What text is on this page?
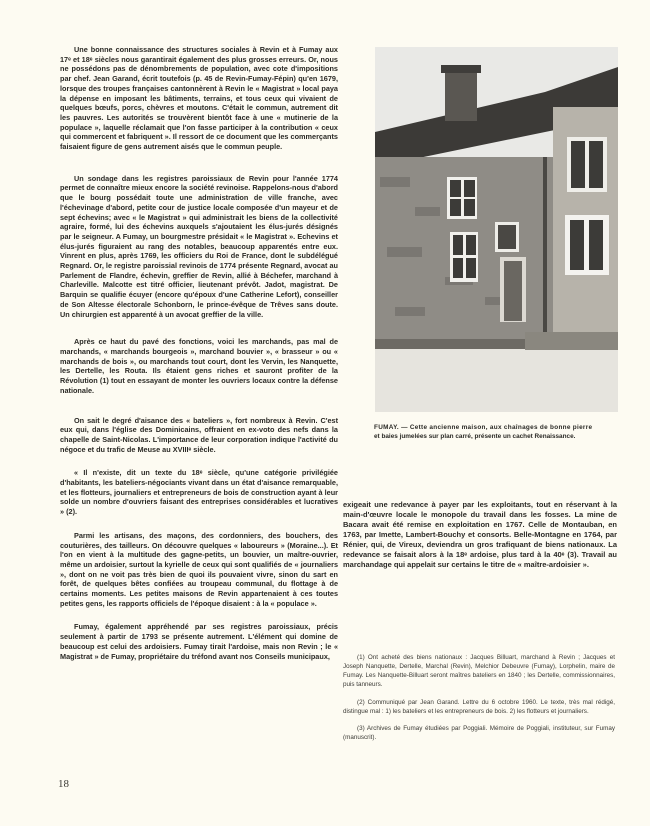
Une bonne connaissance des structures sociales à Revin et à Fumay aux 17ᵉ et 18ᵉ siècles nous garantirait également des plus grosses erreurs. Or, nous ne possédons pas de dénombrements de population, avec cote d'impositions par chef. Jean Garand, écrit toutefois (p. 45 de Revin-Fumay-Fépin) qu'en 1679, lorsque des troupes françaises cantonnèrent à Revin le « Magistrat » local paya la dépense en imposant les bâtiments, terrains, et tous ceux qui vivaient de quelques bœufs, porcs, chèvres et moutons. C'était le commun, autrement dit les pauvres. Les autorités se trouvèrent bientôt face à une « mutinerie de la populace », laquelle réclamait que l'on fasse participer à la contribution « ceux qui commercent et fabriquent ». Il ressort de ce document que les commerçants faisaient figure de gens autrement aisés que le commun peuple.

Un sondage dans les registres paroissiaux de Revin pour l'année 1774 permet de connaître mieux encore la société revinoise. Rappelons-nous d'abord que le bourg possédait toute une administration de ville franche, avec l'échevinage d'abord, petite cour de justice locale composée d'un mayeur et de sept échevins; avec « le Magistrat » qui administrait les biens de la collectivité agraire, formé, lui des échevins auxquels s'ajoutaient les élus-jurés désignés par le seigneur. A Fumay, un bourgmestre présidait « le Magistrat ». Echevins et élus-jurés figuraient au rang des notables, beaucoup apparentés entre eux. Vinrent en plus, après 1769, les officiers du Roi de France, dont le subdélégué Regnard. Or, le registre paroissial revinois de 1774 présente Regnard, avocat au Parlement de Flandre, échevin, greffier de Revin, allié à Béchefer, marchand à Charleville. Malcotte est titré officier, lieutenant prévôt. Jadot, magistrat. De Barquin se qualifie écuyer (encore qu'époux d'une Catherine Lefort), conseiller de Son Altesse électorale Schonborn, le prince-évêque de Trêves sans doute. Un chirurgien est apparenté à un avocat greffier de la ville.

Après ce haut du pavé des fonctions, voici les marchands, pas mal de marchands, « marchands bourgeois », marchand bouvier », « brasseur » ou « marchands de bois », ou marchands tout court, dont les Vervin, les Nanquette, les Dertelle, les Routa. Ils étaient gens riches et sauront profiter de la Révolution (1) tout en essayant de monter les ouvriers locaux contre la défense nationale.

On sait le degré d'aisance des « bateliers », fort nombreux à Revin. C'est eux qui, dans l'église des Dominicains, offraient en ex-voto des nefs dans la chapelle de Saint-Nicolas. L'importance de leur corporation indique l'activité du négoce et du trafic de Meuse au XVIIIᵉ siècle.

« Il n'existe, dit un texte du 18ᵉ siècle, qu'une catégorie privilégiée d'habitants, les bateliers-négociants vivant dans un état d'aisance remarquable, et les flotteurs, journaliers et entrepreneurs de bois de construction ayant à leur solde un nombre d'ouvriers faisant des entreprises considérables et lucratives » (2).

Parmi les artisans, des maçons, des cordonniers, des bouchers, des couturières, des tailleurs. On découvre quelques « laboureurs » (Moraine...). Et l'on en vient à la multitude des gagne-petits, un bouvier, un maître-ouvrier, même un ardoisier, surtout la kyrielle de ceux qui sont qualifiés de « journaliers », dont on ne voit pas très bien de quoi ils pouvaient vivre, sinon du sart en forêt, de quelques bêtes confiées au troupeau communal, du flottage à de certains moments. Les petites maisons de Revin appartenaient à ces toutes petites gens, les rapports officiels de l'époque disaient : à la « populace ».

Fumay, également appréhendé par ses registres paroissiaux, précis seulement à partir de 1793 se présente autrement. L'élément qui domine de beaucoup est celui des ardoisiers. Fumay tirait l'ardoise, mais non Revin ; le « Magistrat » de Fumay, propriétaire du tréfond avant nos Conseils municipaux,

FUMAY. — Cette ancienne maison, aux chaînages de bonne pierre
et baies jumelées sur plan carré, présente un cachet Renaissance.

exigeait une redevance à payer par les exploitants, tout en réservant à la main-d'œuvre locale le monopole du travail dans les fosses. La mine de Bacara avait été remise en exploitation en 1767. Celle de Montauban, en 1763, par Imette, Lambert-Bouchy et consorts. Belle-Montagne en 1764, par Rénier, qui, de Vireux, deviendra un gros trafiquant de biens nationaux. La redevance se faisait alors à la 18ᵉ ardoise, plus tard à la 40ᵉ (3). Travail au marchandage qui appelait sur certains le titre de « maître-ardoisier ».

(1) Ont acheté des biens nationaux : Jacques Billuart, marchand à Revin ; Jacques et Joseph Nanquette, Dertelle, Marchal (Revin), Melchior Debeuvre (Fumay), Lorphelin, maire de Fumay. Les Nanquette-Billuart seront maîtres bateliers en 1840 ; les Dertelle, commissionnaires, puis tanneurs.

(2) Communiqué par Jean Garand. Lettre du 6 octobre 1960. Le texte, très mal rédigé, distingue mal : 1) les bateliers et les entrepreneurs de bois. 2) les flotteurs et journaliers.

(3) Archives de Fumay étudiées par Poggiali. Mémoire de Poggiali, instituteur, sur Fumay (manuscrit).

18
